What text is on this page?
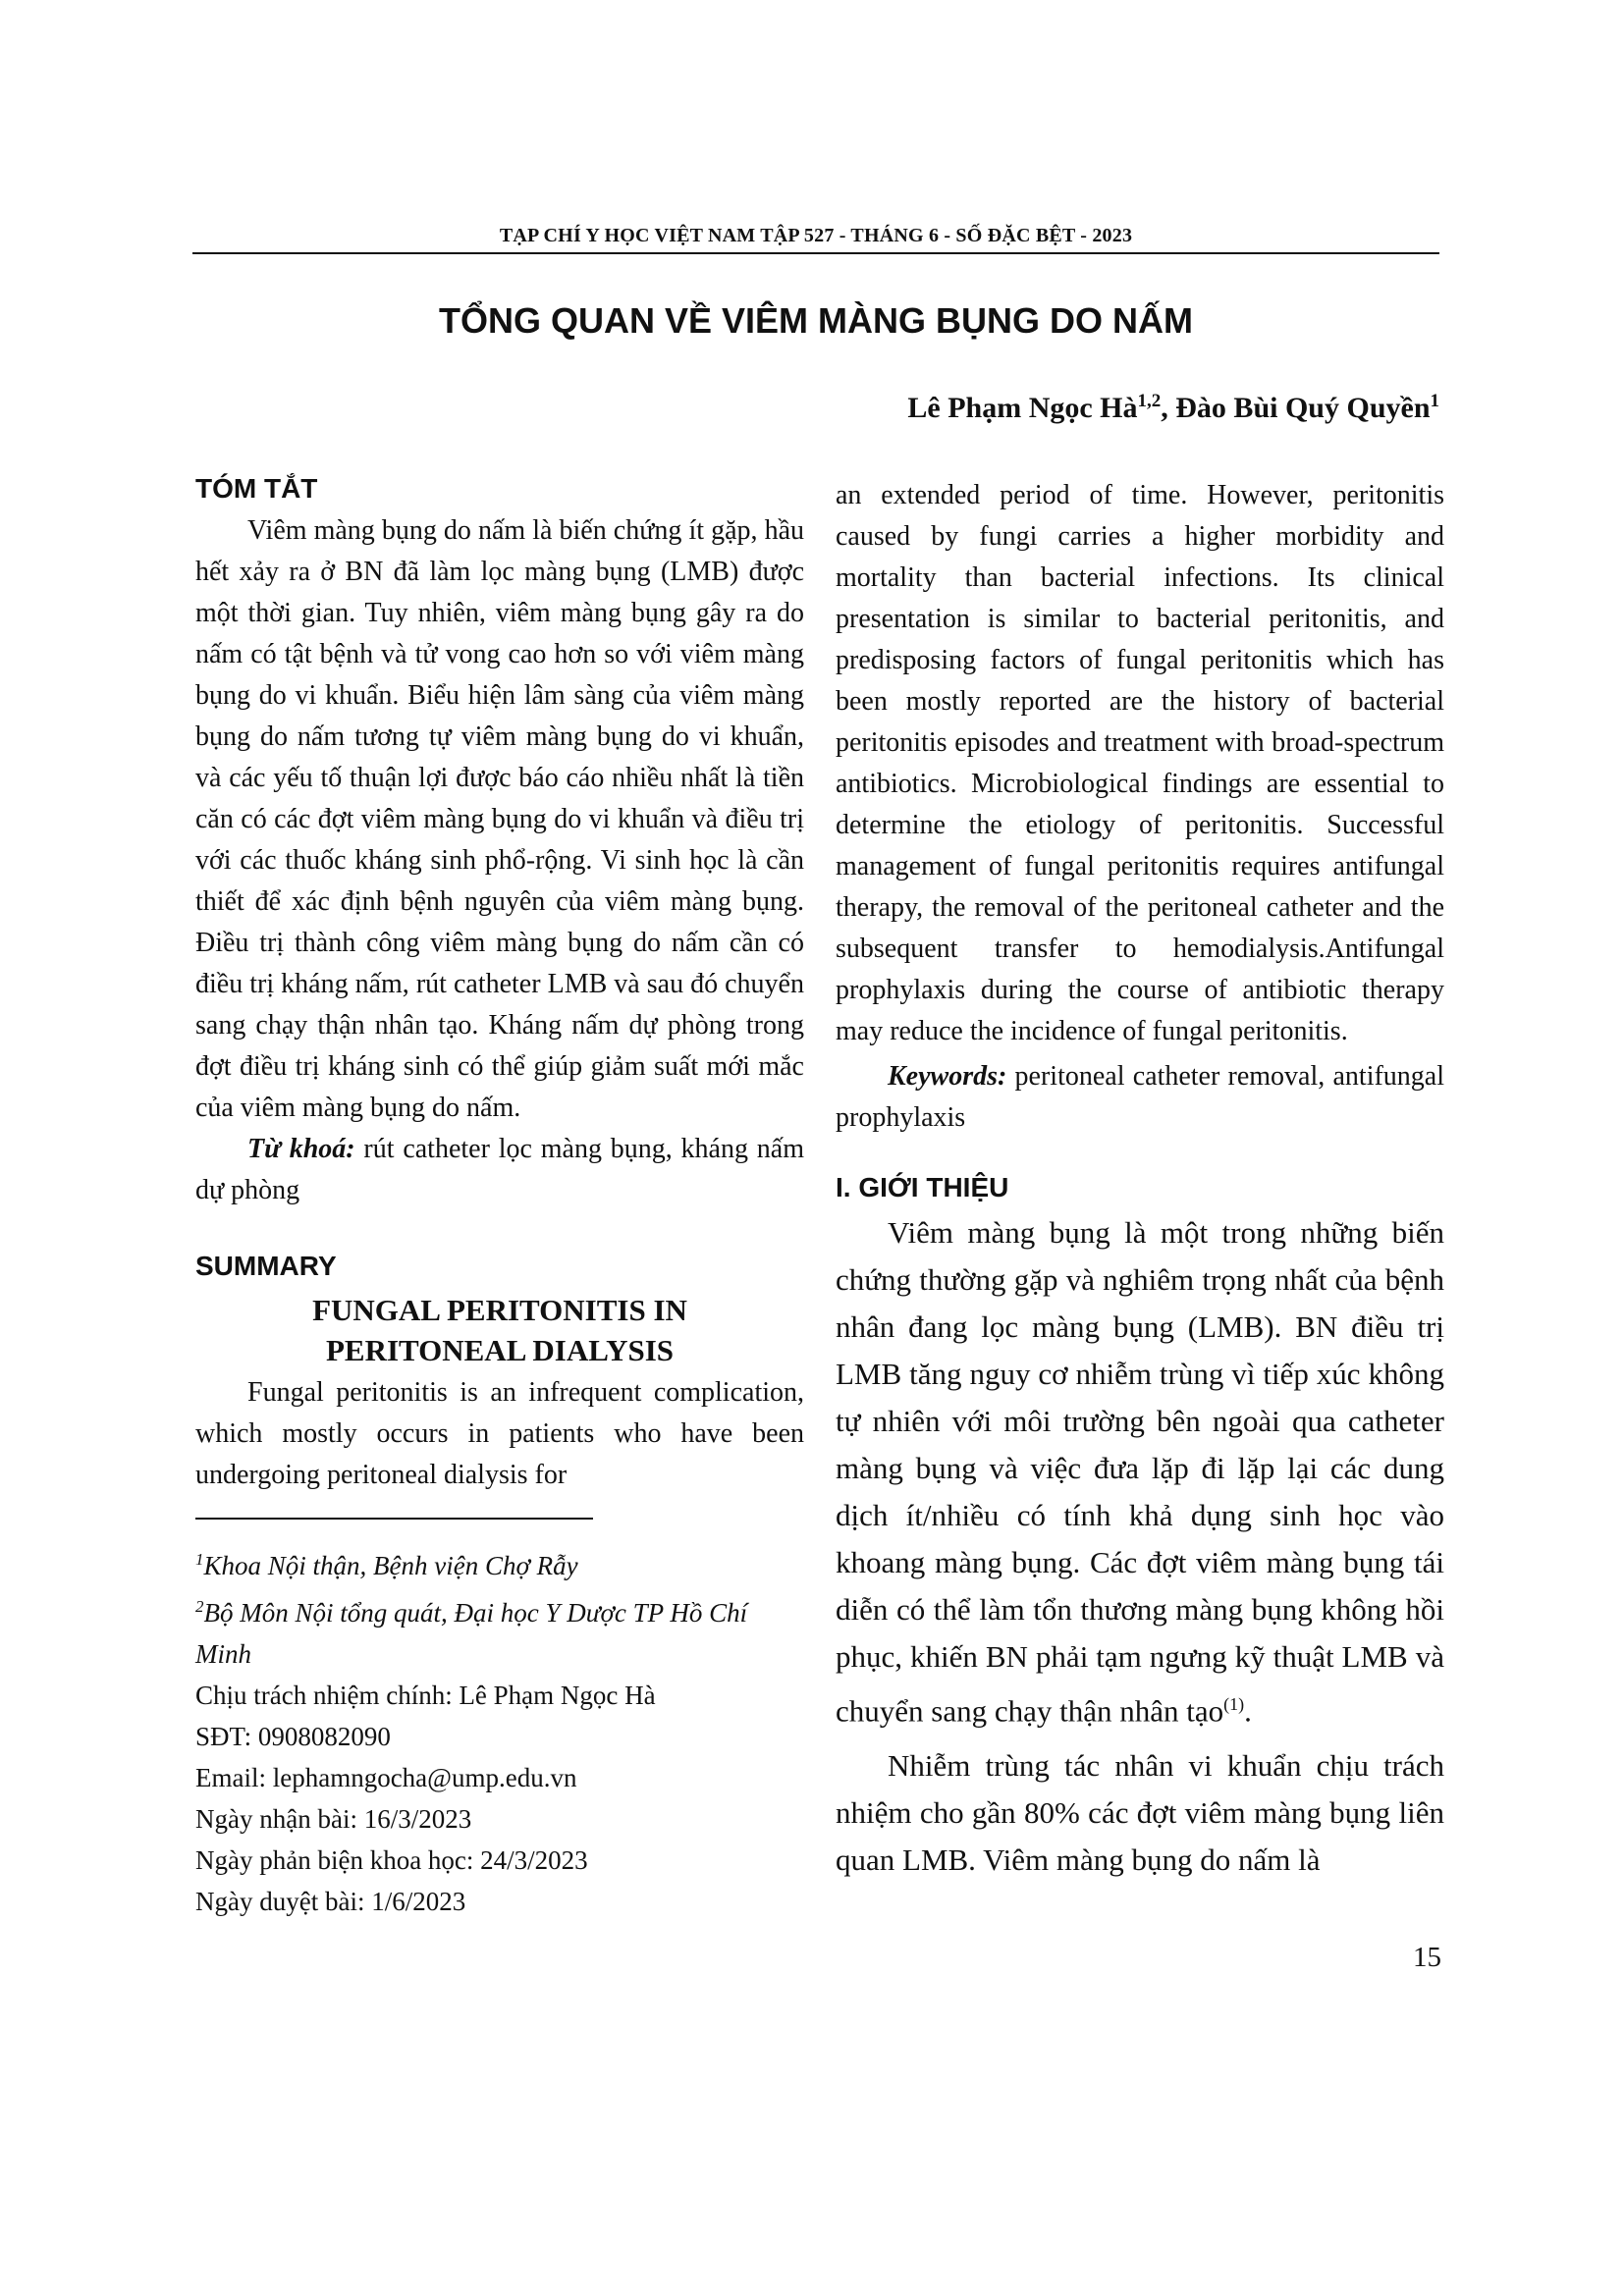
TẠP CHÍ Y HỌC VIỆT NAM TẬP 527 - THÁNG 6 - SỐ ĐẶC BỆT - 2023
TỔNG QUAN VỀ VIÊM MÀNG BỤNG DO NẤM
Lê Phạm Ngọc Hà$^{1,2}$, Đào Bùi Quý Quyền$^1$
TÓM TẮT

Viêm màng bụng do nấm là biến chứng ít gặp, hầu hết xảy ra ở BN đã làm lọc màng bụng (LMB) được một thời gian. Tuy nhiên, viêm màng bụng gây ra do nấm có tật bệnh và tử vong cao hơn so với viêm màng bụng do vi khuẩn. Biểu hiện lâm sàng của viêm màng bụng do nấm tương tự viêm màng bụng do vi khuẩn, và các yếu tố thuận lợi được báo cáo nhiều nhất là tiền căn có các đợt viêm màng bụng do vi khuẩn và điều trị với các thuốc kháng sinh phổ-rộng. Vi sinh học là cần thiết để xác định bệnh nguyên của viêm màng bụng. Điều trị thành công viêm màng bụng do nấm cần có điều trị kháng nấm, rút catheter LMB và sau đó chuyển sang chạy thận nhân tạo. Kháng nấm dự phòng trong đợt điều trị kháng sinh có thể giúp giảm suất mới mắc của viêm màng bụng do nấm.

Từ khoá: rút catheter lọc màng bụng, kháng nấm dự phòng

SUMMARY
FUNGAL PERITONITIS IN
PERITONEAL DIALYSIS

Fungal peritonitis is an infrequent complication, which mostly occurs in patients who have been undergoing peritoneal dialysis for

$^1$Khoa Nội thận, Bệnh viện Chợ Rẫy

$^2$Bộ Môn Nội tổng quát, Đại học Y Dược TP Hồ Chí Minh

Chịu trách nhiệm chính: Lê Phạm Ngọc Hà

SĐT: 0908082090

Email: lephamngocha@ump.edu.vn

Ngày nhận bài: 16/3/2023

Ngày phản biện khoa học: 24/3/2023

Ngày duyệt bài: 1/6/2023

an extended period of time. However, peritonitis caused by fungi carries a higher morbidity and mortality than bacterial infections. Its clinical presentation is similar to bacterial peritonitis, and predisposing factors of fungal peritonitis which has been mostly reported are the history of bacterial peritonitis episodes and treatment with broad-spectrum antibiotics. Microbiological findings are essential to determine the etiology of peritonitis. Successful management of fungal peritonitis requires antifungal therapy, the removal of the peritoneal catheter and the subsequent transfer to hemodialysis.Antifungal prophylaxis during the course of antibiotic therapy may reduce the incidence of fungal peritonitis.

Keywords: peritoneal catheter removal, antifungal prophylaxis

I. GIỚI THIỆU

Viêm màng bụng là một trong những biến chứng thường gặp và nghiêm trọng nhất của bệnh nhân đang lọc màng bụng (LMB). BN điều trị LMB tăng nguy cơ nhiễm trùng vì tiếp xúc không tự nhiên với môi trường bên ngoài qua catheter màng bụng và việc đưa lặp đi lặp lại các dung dịch ít/nhiều có tính khả dụng sinh học vào khoang màng bụng. Các đợt viêm màng bụng tái diễn có thể làm tổn thương màng bụng không hồi phục, khiến BN phải tạm ngưng kỹ thuật LMB và chuyển sang chạy thận nhân tạo$^{(1)}$.

Nhiễm trùng tác nhân vi khuẩn chịu trách nhiệm cho gần 80% các đợt viêm màng bụng liên quan LMB. Viêm màng bụng do nấm là

15
